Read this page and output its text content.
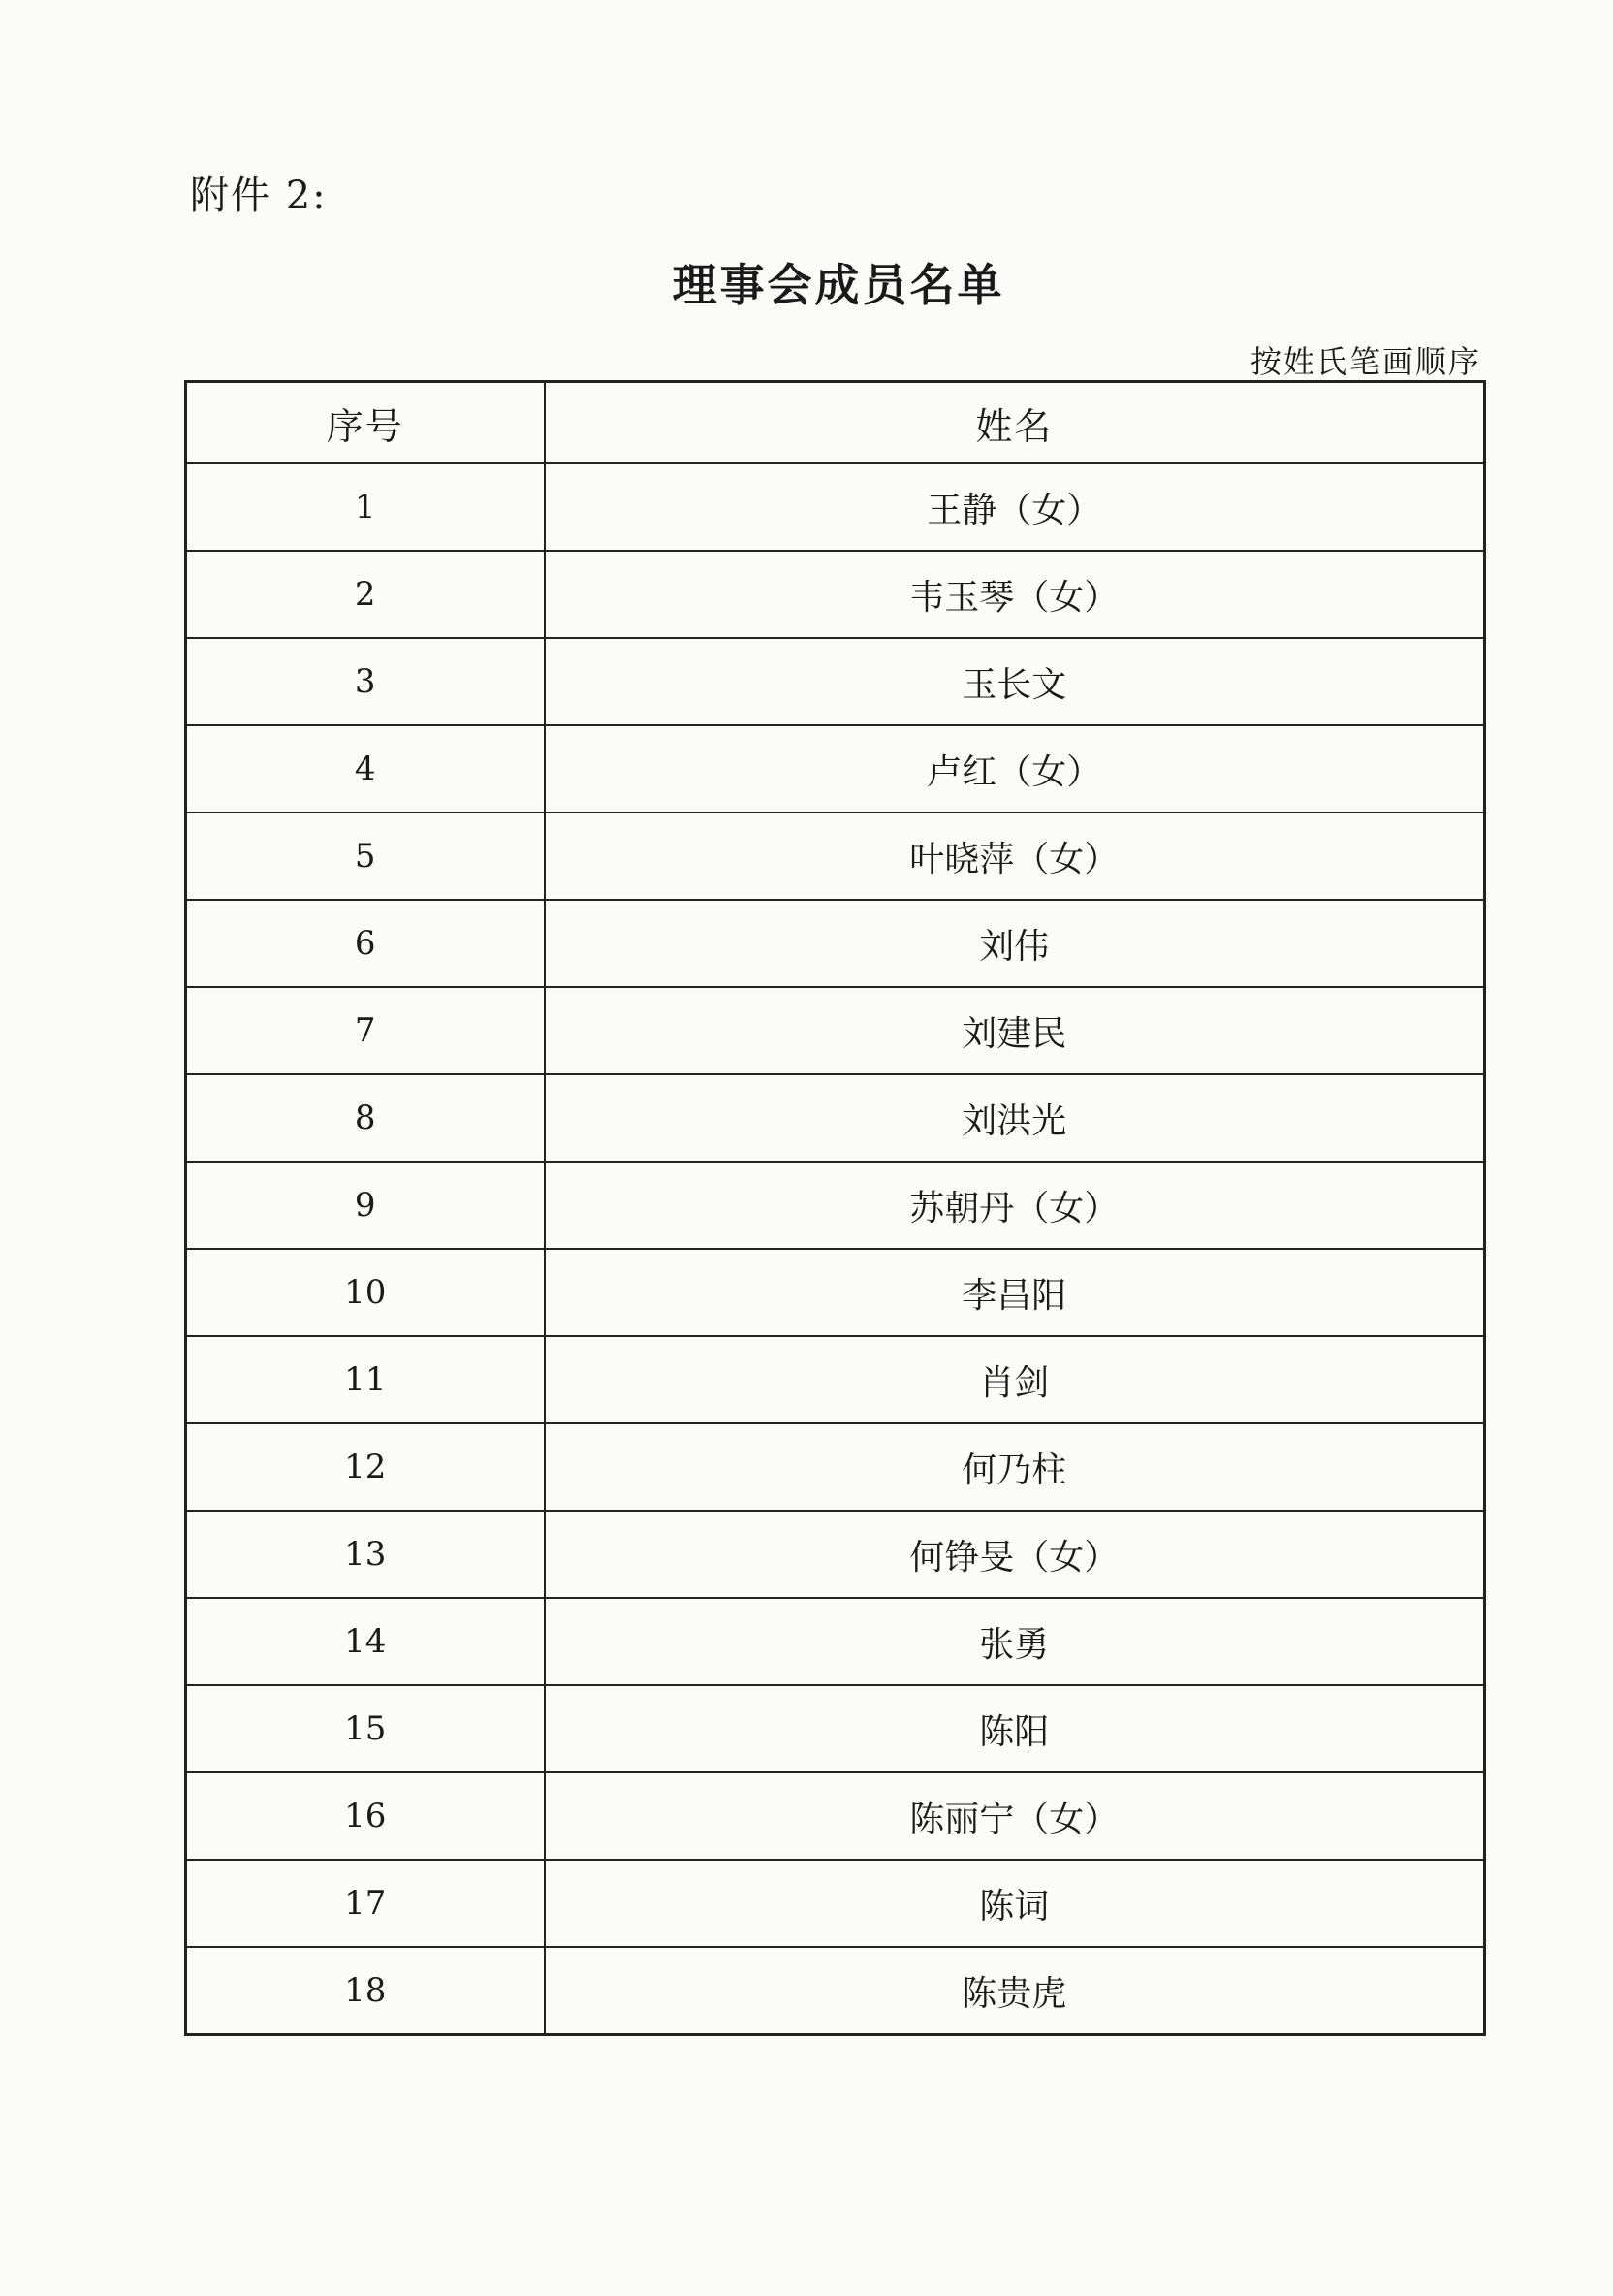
附件 2:
理事会成员名单
按姓氏笔画顺序
序号	姓名
1	王静（女）
2	韦玉琴（女）
3	玉长文
4	卢红（女）
5	叶晓萍（女）
6	刘伟
7	刘建民
8	刘洪光
9	苏朝丹（女）
10	李昌阳
11	肖剑
12	何乃柱
13	何铮旻（女）
14	张勇
15	陈阳
16	陈丽宁（女）
17	陈词
18	陈贵虎
